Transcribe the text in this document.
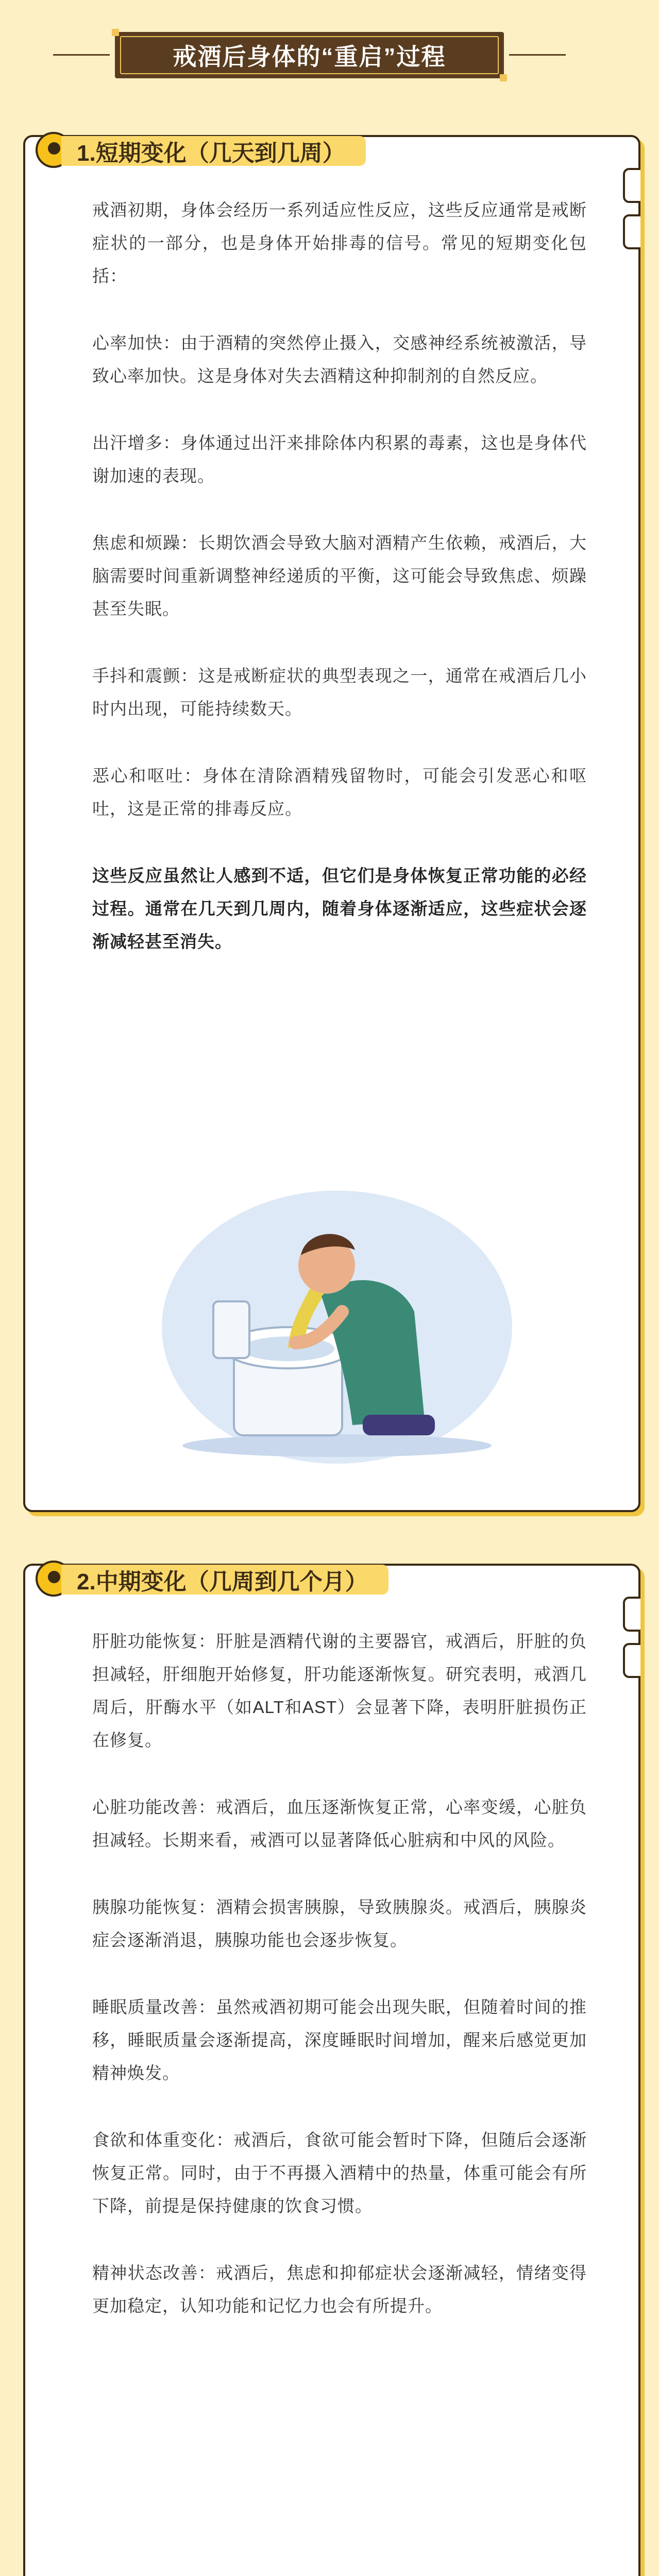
戒酒后身体的“重启”过程
1.短期变化（几天到几周）

戒酒初期，身体会经历一系列适应性反应，这些反应通常是戒断症状的一部分，也是身体开始排毒的信号。常见的短期变化包括：

心率加快：由于酒精的突然停止摄入，交感神经系统被激活，导致心率加快。这是身体对失去酒精这种抑制剂的自然反应。

出汗增多：身体通过出汗来排除体内积累的毒素，这也是身体代谢加速的表现。

焦虑和烦躁：长期饮酒会导致大脑对酒精产生依赖，戒酒后，大脑需要时间重新调整神经递质的平衡，这可能会导致焦虑、烦躁甚至失眠。

手抖和震颤：这是戒断症状的典型表现之一，通常在戒酒后几小时内出现，可能持续数天。

恶心和呕吐：身体在清除酒精残留物时，可能会引发恶心和呕吐，这是正常的排毒反应。

这些反应虽然让人感到不适，但它们是身体恢复正常功能的必经过程。通常在几天到几周内，随着身体逐渐适应，这些症状会逐渐减轻甚至消失。

2.中期变化（几周到几个月）

肝脏功能恢复：肝脏是酒精代谢的主要器官，戒酒后，肝脏的负担减轻，肝细胞开始修复，肝功能逐渐恢复。研究表明，戒酒几周后，肝酶水平（如ALT和AST）会显著下降，表明肝脏损伤正在修复。

心脏功能改善：戒酒后，血压逐渐恢复正常，心率变缓，心脏负担减轻。长期来看，戒酒可以显著降低心脏病和中风的风险。

胰腺功能恢复：酒精会损害胰腺，导致胰腺炎。戒酒后，胰腺炎症会逐渐消退，胰腺功能也会逐步恢复。

睡眠质量改善：虽然戒酒初期可能会出现失眠，但随着时间的推移，睡眠质量会逐渐提高，深度睡眠时间增加，醒来后感觉更加精神焕发。

食欲和体重变化：戒酒后，食欲可能会暂时下降，但随后会逐渐恢复正常。同时，由于不再摄入酒精中的热量，体重可能会有所下降，前提是保持健康的饮食习惯。

精神状态改善：戒酒后，焦虑和抑郁症状会逐渐减轻，情绪变得更加稳定，认知功能和记忆力也会有所提升。
